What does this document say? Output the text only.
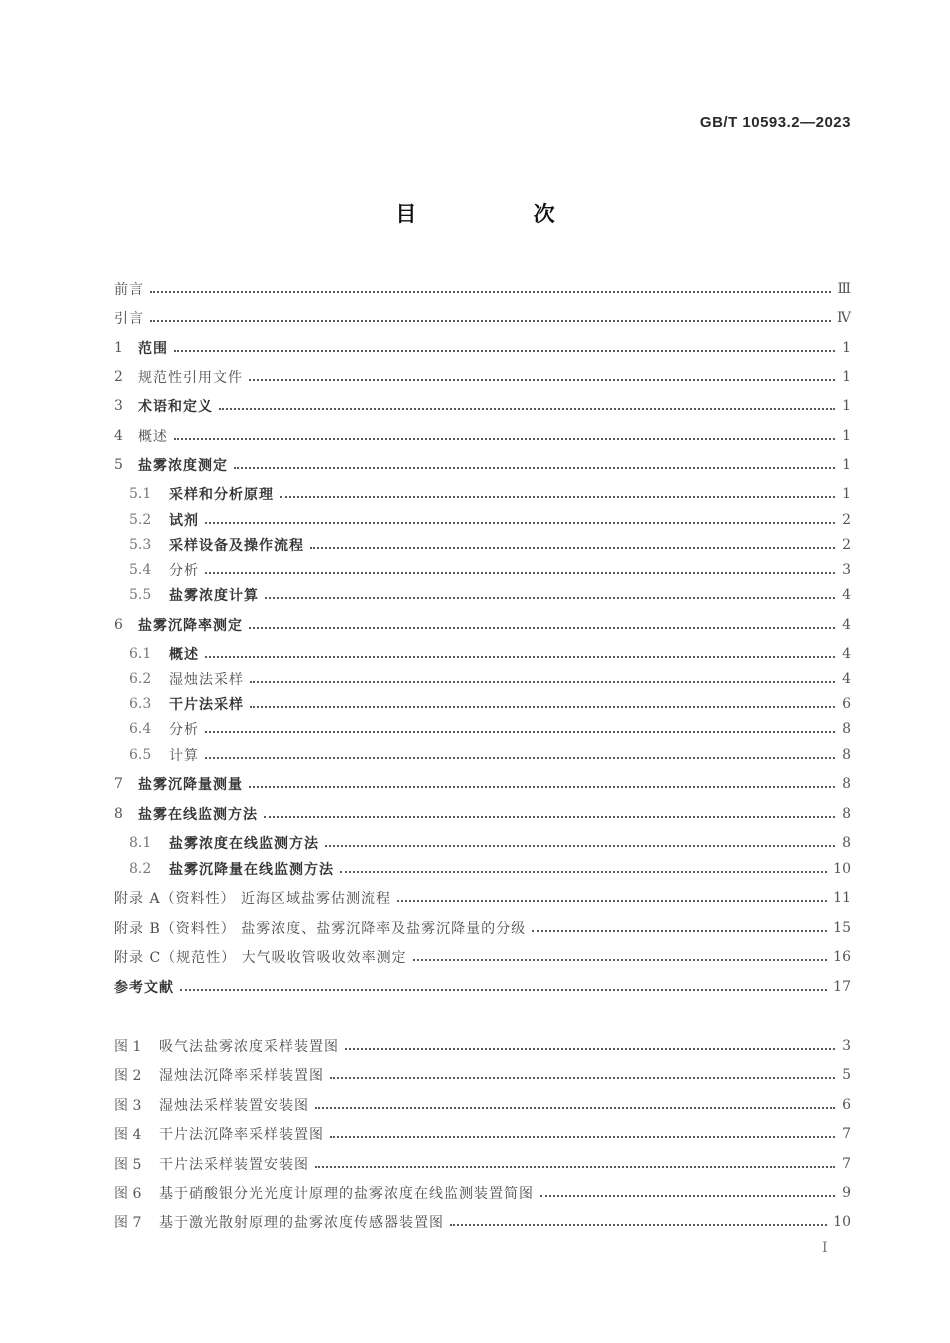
GB/T 10593.2—2023
目 次
前言	Ⅲ
引言	Ⅳ
1	范围	1
2	规范性引用文件	1
3	术语和定义	1
4	概述	1
5	盐雾浓度测定	1
5.1	采样和分析原理	1
5.2	试剂	2
5.3	采样设备及操作流程	2
5.4	分析	3
5.5	盐雾浓度计算	4
6	盐雾沉降率测定	4
6.1	概述	4
6.2	湿烛法采样	4
6.3	干片法采样	6
6.4	分析	8
6.5	计算	8
7	盐雾沉降量测量	8
8	盐雾在线监测方法	8
8.1	盐雾浓度在线监测方法	8
8.2	盐雾沉降量在线监测方法	10
附录 A（资料性） 近海区域盐雾估测流程	11
附录 B（资料性） 盐雾浓度、盐雾沉降率及盐雾沉降量的分级	15
附录 C（规范性） 大气吸收管吸收效率测定	16
参考文献	17
图 1	吸气法盐雾浓度采样装置图	3
图 2	湿烛法沉降率采样装置图	5
图 3	湿烛法采样装置安装图	6
图 4	干片法沉降率采样装置图	7
图 5	干片法采样装置安装图	7
图 6	基于硝酸银分光光度计原理的盐雾浓度在线监测装置简图	9
图 7	基于激光散射原理的盐雾浓度传感器装置图	10
Ⅰ
